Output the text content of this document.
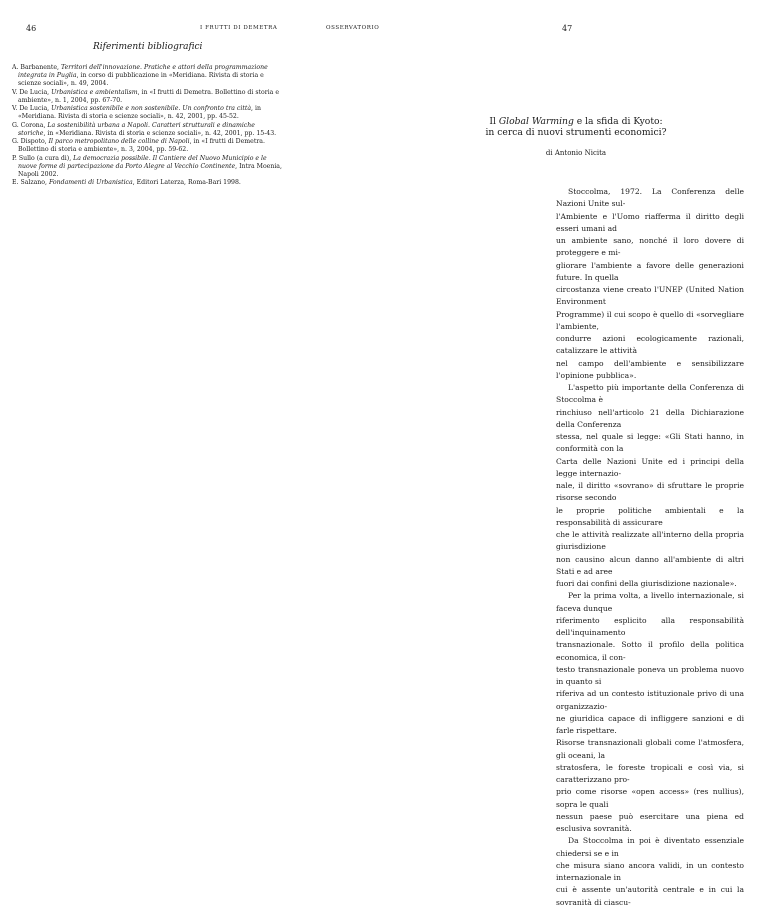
46	I FRUTTI DI DEMETRA
Riferimenti bibliografici
A. Barbanente, Territori dell'innovazione. Pratiche e attori della programmazione integrata in Puglia, in corso di pubblicazione in «Meridiana. Rivista di storia e scienze sociali», n. 49, 2004.
V. De Lucia, Urbanistica e ambientalism, in «I frutti di Demetra. Bollettino di storia e ambiente», n. 1, 2004, pp. 67-70.
V. De Lucia, Urbanistica sostenibile e non sostenibile. Un confronto tra città, in «Meridiana. Rivista di storia e scienze sociali», n. 42, 2001, pp. 45-52.
G. Corona, La sostenibilità urbana a Napoli. Caratteri strutturali e dinamiche storiche, in «Meridiana. Rivista di storia e scienze sociali», n. 42, 2001, pp. 15-43.
G. Dispoto, Il parco metropolitano delle colline di Napoli, in «I frutti di Demetra. Bollettino di storia e ambiente», n. 3, 2004, pp. 59-62.
P. Sullo (a cura di), La democrazia possibile. Il Cantiere del Nuovo Municipio e le nuove forme di partecipazione da Porto Alegre al Vecchio Continente, Intra Moenia, Napoli 2002.
E. Salzano, Fondamenti di Urbanistica, Editori Laterza, Roma-Bari 1998.
OSSERVATORIO	47
Il Global Warming e la sfida di Kyoto:
in cerca di nuovi strumenti economici?
di Antonio Nicita
Stoccolma, 1972. La Conferenza delle Nazioni Unite sul-
l'Ambiente e l'Uomo riafferma il diritto degli esseri umani ad
un ambiente sano, nonché il loro dovere di proteggere e mi-
gliorare l'ambiente a favore delle generazioni future. In quella
circostanza viene creato l'UNEP (United Nation Environment
Programme) il cui scopo è quello di «sorvegliare l'ambiente,
condurre azioni ecologicamente razionali, catalizzare le attività
nel campo dell'ambiente e sensibilizzare l'opinione pubblica».
L'aspetto più importante della Conferenza di Stoccolma è
rinchiuso nell'articolo 21 della Dichiarazione della Conferenza
stessa, nel quale si legge: «Gli Stati hanno, in conformità con la
Carta delle Nazioni Unite ed i principi della legge internazio-
nale, il diritto «sovrano» di sfruttare le proprie risorse secondo
le proprie politiche ambientali e la responsabilità di assicurare
che le attività realizzate all'interno della propria giurisdizione
non causino alcun danno all'ambiente di altri Stati e ad aree
fuori dai confini della giurisdizione nazionale».
Per la prima volta, a livello internazionale, si faceva dunque
riferimento esplicito alla responsabilità dell'inquinamento
transnazionale. Sotto il profilo della politica economica, il con-
testo transnazionale poneva un problema nuovo in quanto si
riferiva ad un contesto istituzionale privo di una organizzazio-
ne giuridica capace di infliggere sanzioni e di farle rispettare.
Risorse transnazionali globali come l'atmosfera, gli oceani, la
stratosfera, le foreste tropicali e così via, si caratterizzano pro-
prio come risorse «open access» (res nullius), sopra le quali
nessun paese può esercitare una piena ed esclusiva sovranità.
Da Stoccolma in poi è diventato essenziale chiedersi se e in
che misura siano ancora validi, in un contesto internazionale in
cui è assente un'autorità centrale e in cui la sovranità di ciascu-
